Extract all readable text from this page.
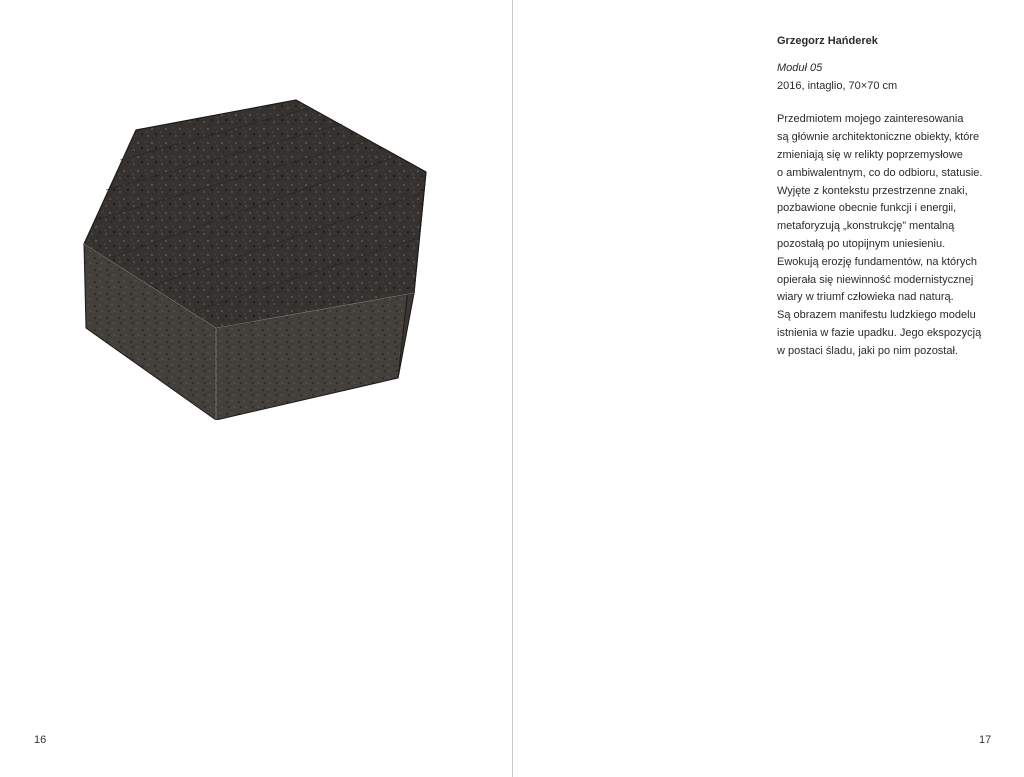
16

Grzegorz Hańderek

Moduł 05

2016, intaglio, 70×70 cm

Przedmiotem mojego zainteresowania
są głównie architektoniczne obiekty, które
zmieniają się w relikty poprzemysłowe
o ambiwalentnym, co do odbioru, statusie.
Wyjęte z kontekstu przestrzenne znaki,
pozbawione obecnie funkcji i energii,
metaforyzują „konstrukcję” mentalną
pozostałą po utopijnym uniesieniu.
Ewokują erozję fundamentów, na których
opierała się niewinność modernistycznej
wiary w triumf człowieka nad naturą.
Są obrazem manifestu ludzkiego modelu
istnienia w fazie upadku. Jego ekspozycją
w postaci śladu, jaki po nim pozostał.
17
